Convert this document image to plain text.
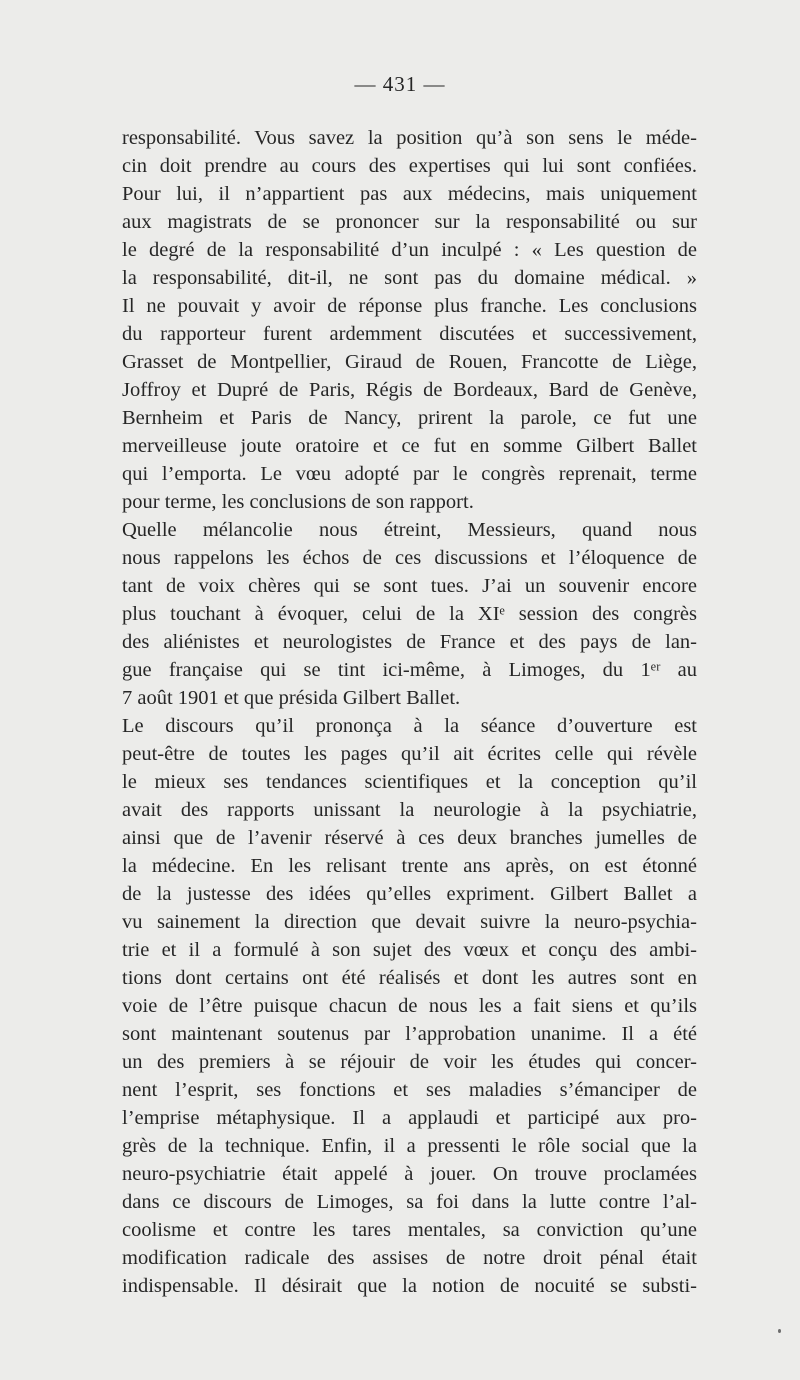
— 431 —
responsabilité. Vous savez la position qu’à son sens le méde-
cin doit prendre au cours des expertises qui lui sont confiées.
Pour lui, il n’appartient pas aux médecins, mais uniquement
aux magistrats de se prononcer sur la responsabilité ou sur
le degré de la responsabilité d’un inculpé : « Les question de
la responsabilité, dit-il, ne sont pas du domaine médical. »
Il ne pouvait y avoir de réponse plus franche. Les conclusions
du rapporteur furent ardemment discutées et successivement,
Grasset de Montpellier, Giraud de Rouen, Francotte de Liège,
Joffroy et Dupré de Paris, Régis de Bordeaux, Bard de Genève,
Bernheim et Paris de Nancy, prirent la parole, ce fut une
merveilleuse joute oratoire et ce fut en somme Gilbert Ballet
qui l’emporta. Le vœu adopté par le congrès reprenait, terme
pour terme, les conclusions de son rapport.
Quelle mélancolie nous étreint, Messieurs, quand nous
nous rappelons les échos de ces discussions et l’éloquence de
tant de voix chères qui se sont tues. J’ai un souvenir encore
plus touchant à évoquer, celui de la XIᵉ session des congrès
des aliénistes et neurologistes de France et des pays de lan-
gue française qui se tint ici-même, à Limoges, du 1ᵉʳ au
7 août 1901 et que présida Gilbert Ballet.
Le discours qu’il prononça à la séance d’ouverture est
peut-être de toutes les pages qu’il ait écrites celle qui révèle
le mieux ses tendances scientifiques et la conception qu’il
avait des rapports unissant la neurologie à la psychiatrie,
ainsi que de l’avenir réservé à ces deux branches jumelles de
la médecine. En les relisant trente ans après, on est étonné
de la justesse des idées qu’elles expriment. Gilbert Ballet a
vu sainement la direction que devait suivre la neuro-psychia-
trie et il a formulé à son sujet des vœux et conçu des ambi-
tions dont certains ont été réalisés et dont les autres sont en
voie de l’être puisque chacun de nous les a fait siens et qu’ils
sont maintenant soutenus par l’approbation unanime. Il a été
un des premiers à se réjouir de voir les études qui concer-
nent l’esprit, ses fonctions et ses maladies s’émanciper de
l’emprise métaphysique. Il a applaudi et participé aux pro-
grès de la technique. Enfin, il a pressenti le rôle social que la
neuro-psychiatrie était appelé à jouer. On trouve proclamées
dans ce discours de Limoges, sa foi dans la lutte contre l’al-
coolisme et contre les tares mentales, sa conviction qu’une
modification radicale des assises de notre droit pénal était
indispensable. Il désirait que la notion de nocuité se substi-
